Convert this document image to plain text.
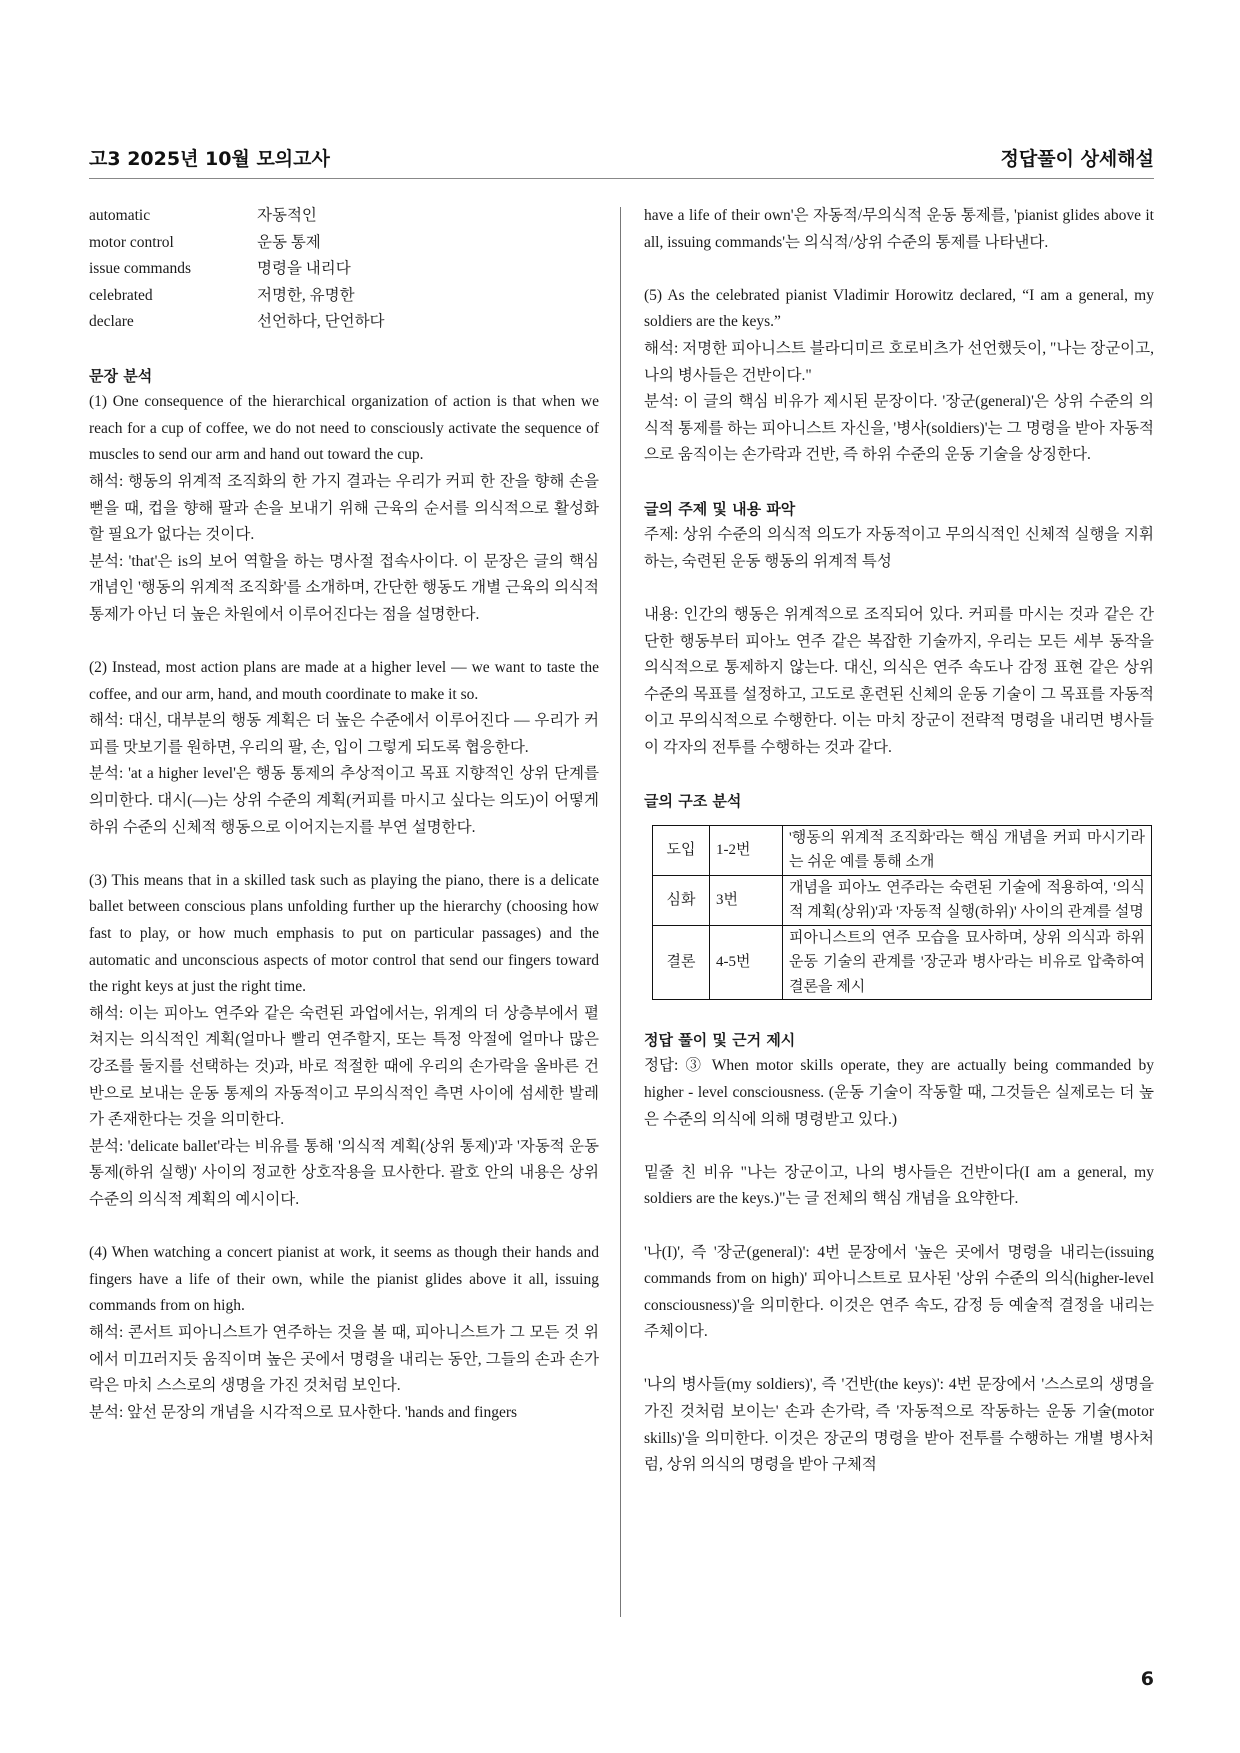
고3 2025년 10월 모의고사	정답풀이 상세해설
automatic	자동적인
motor control	운동 통제
issue commands	명령을 내리다
celebrated	저명한, 유명한
declare	선언하다, 단언하다
문장 분석

(1) One consequence of the hierarchical organization of action is that when we reach for a cup of coffee, we do not need to consciously activate the sequence of muscles to send our arm and hand out toward the cup.

해석: 행동의 위계적 조직화의 한 가지 결과는 우리가 커피 한 잔을 향해 손을 뻗을 때, 컵을 향해 팔과 손을 보내기 위해 근육의 순서를 의식적으로 활성화할 필요가 없다는 것이다.

분석: 'that'은 is의 보어 역할을 하는 명사절 접속사이다. 이 문장은 글의 핵심 개념인 '행동의 위계적 조직화'를 소개하며, 간단한 행동도 개별 근육의 의식적 통제가 아닌 더 높은 차원에서 이루어진다는 점을 설명한다.

(2) Instead, most action plans are made at a higher level — we want to taste the coffee, and our arm, hand, and mouth coordinate to make it so.

해석: 대신, 대부분의 행동 계획은 더 높은 수준에서 이루어진다 — 우리가 커피를 맛보기를 원하면, 우리의 팔, 손, 입이 그렇게 되도록 협응한다.

분석: 'at a higher level'은 행동 통제의 추상적이고 목표 지향적인 상위 단계를 의미한다. 대시(—)는 상위 수준의 계획(커피를 마시고 싶다는 의도)이 어떻게 하위 수준의 신체적 행동으로 이어지는지를 부연 설명한다.

(3) This means that in a skilled task such as playing the piano, there is a delicate ballet between conscious plans unfolding further up the hierarchy (choosing how fast to play, or how much emphasis to put on particular passages) and the automatic and unconscious aspects of motor control that send our fingers toward the right keys at just the right time.

해석: 이는 피아노 연주와 같은 숙련된 과업에서는, 위계의 더 상층부에서 펼쳐지는 의식적인 계획(얼마나 빨리 연주할지, 또는 특정 악절에 얼마나 많은 강조를 둘지를 선택하는 것)과, 바로 적절한 때에 우리의 손가락을 올바른 건반으로 보내는 운동 통제의 자동적이고 무의식적인 측면 사이에 섬세한 발레가 존재한다는 것을 의미한다.

분석: 'delicate ballet'라는 비유를 통해 '의식적 계획(상위 통제)'과 '자동적 운동 통제(하위 실행)' 사이의 정교한 상호작용을 묘사한다. 괄호 안의 내용은 상위 수준의 의식적 계획의 예시이다.

(4) When watching a concert pianist at work, it seems as though their hands and fingers have a life of their own, while the pianist glides above it all, issuing commands from on high.

해석: 콘서트 피아니스트가 연주하는 것을 볼 때, 피아니스트가 그 모든 것 위에서 미끄러지듯 움직이며 높은 곳에서 명령을 내리는 동안, 그들의 손과 손가락은 마치 스스로의 생명을 가진 것처럼 보인다.

분석: 앞선 문장의 개념을 시각적으로 묘사한다. 'hands and fingers

have a life of their own'은 자동적/무의식적 운동 통제를, 'pianist glides above it all, issuing commands'는 의식적/상위 수준의 통제를 나타낸다.

(5) As the celebrated pianist Vladimir Horowitz declared, “I am a general, my soldiers are the keys.”

해석: 저명한 피아니스트 블라디미르 호로비츠가 선언했듯이, "나는 장군이고, 나의 병사들은 건반이다."

분석: 이 글의 핵심 비유가 제시된 문장이다. '장군(general)'은 상위 수준의 의식적 통제를 하는 피아니스트 자신을, '병사(soldiers)'는 그 명령을 받아 자동적으로 움직이는 손가락과 건반, 즉 하위 수준의 운동 기술을 상징한다.

글의 주제 및 내용 파악

주제: 상위 수준의 의식적 의도가 자동적이고 무의식적인 신체적 실행을 지휘하는, 숙련된 운동 행동의 위계적 특성

내용: 인간의 행동은 위계적으로 조직되어 있다. 커피를 마시는 것과 같은 간단한 행동부터 피아노 연주 같은 복잡한 기술까지, 우리는 모든 세부 동작을 의식적으로 통제하지 않는다. 대신, 의식은 연주 속도나 감정 표현 같은 상위 수준의 목표를 설정하고, 고도로 훈련된 신체의 운동 기술이 그 목표를 자동적이고 무의식적으로 수행한다. 이는 마치 장군이 전략적 명령을 내리면 병사들이 각자의 전투를 수행하는 것과 같다.

글의 구조 분석
도입	1-2번	'행동의 위계적 조직화'라는 핵심 개념을 커피 마시기라는 쉬운 예를 통해 소개
심화	3번	개념을 피아노 연주라는 숙련된 기술에 적용하여, '의식적 계획(상위)'과 '자동적 실행(하위)' 사이의 관계를 설명
결론	4-5번	피아니스트의 연주 모습을 묘사하며, 상위 의식과 하위 운동 기술의 관계를 '장군과 병사'라는 비유로 압축하여 결론을 제시
정답 풀이 및 근거 제시

정답: ③ When motor skills operate, they are actually being commanded by higher - level consciousness. (운동 기술이 작동할 때, 그것들은 실제로는 더 높은 수준의 의식에 의해 명령받고 있다.)

밑줄 친 비유 "나는 장군이고, 나의 병사들은 건반이다(I am a general, my soldiers are the keys.)"는 글 전체의 핵심 개념을 요약한다.

'나(I)', 즉 '장군(general)': 4번 문장에서 '높은 곳에서 명령을 내리는(issuing commands from on high)' 피아니스트로 묘사된 '상위 수준의 의식(higher-level consciousness)'을 의미한다. 이것은 연주 속도, 감정 등 예술적 결정을 내리는 주체이다.

'나의 병사들(my soldiers)', 즉 '건반(the keys)': 4번 문장에서 '스스로의 생명을 가진 것처럼 보이는' 손과 손가락, 즉 '자동적으로 작동하는 운동 기술(motor skills)'을 의미한다. 이것은 장군의 명령을 받아 전투를 수행하는 개별 병사처럼, 상위 의식의 명령을 받아 구체적

6
